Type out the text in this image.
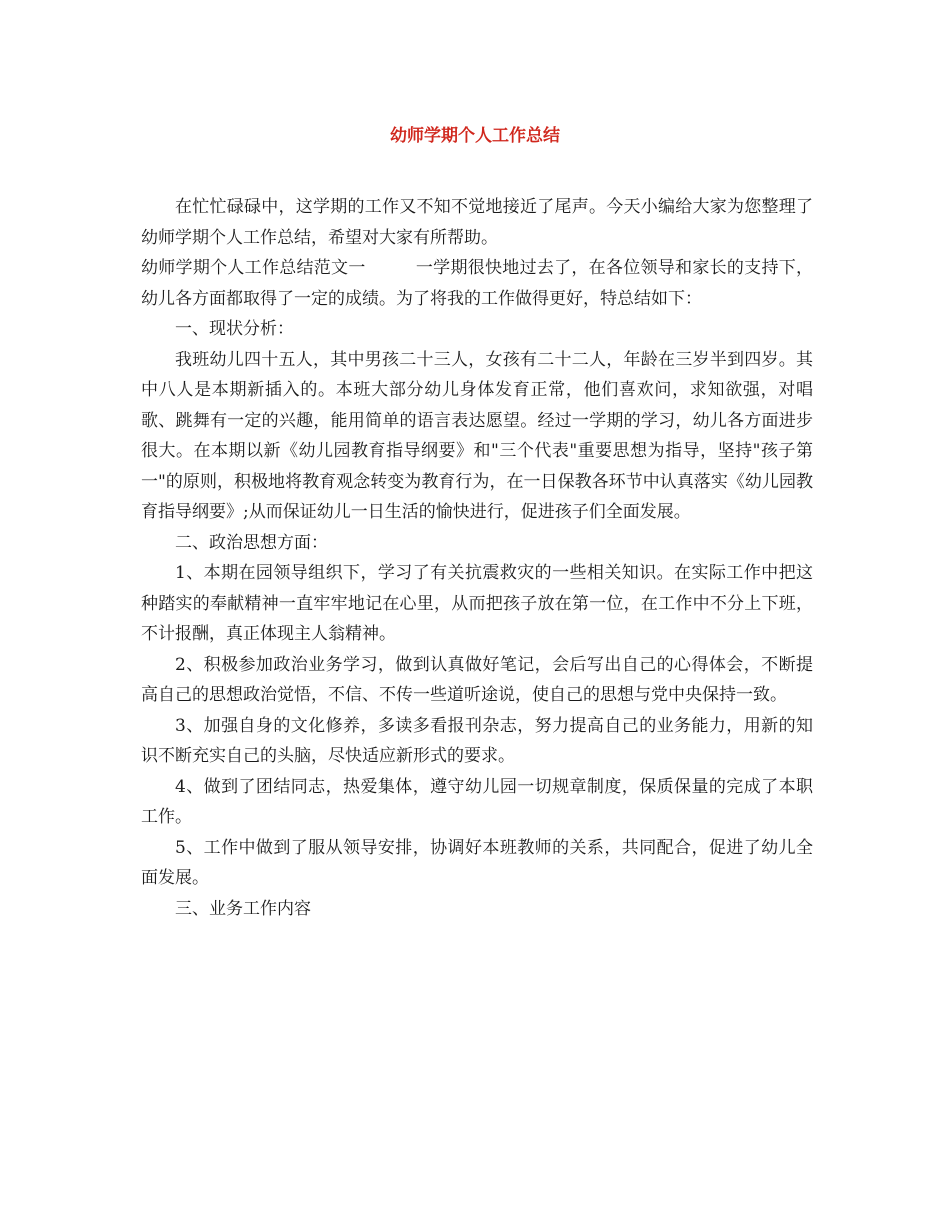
幼师学期个人工作总结

在忙忙碌碌中，这学期的工作又不知不觉地接近了尾声。今天小编给大家为您整理了幼师学期个人工作总结，希望对大家有所帮助。

幼师学期个人工作总结范文一	一学期很快地过去了，在各位领导和家长的支持下，幼儿各方面都取得了一定的成绩。为了将我的工作做得更好，特总结如下：

一、现状分析：

我班幼儿四十五人，其中男孩二十三人，女孩有二十二人，年龄在三岁半到四岁。其中八人是本期新插入的。本班大部分幼儿身体发育正常，他们喜欢问，求知欲强，对唱歌、跳舞有一定的兴趣，能用简单的语言表达愿望。经过一学期的学习，幼儿各方面进步很大。在本期以新《幼儿园教育指导纲要》和"三个代表"重要思想为指导，坚持"孩子第一"的原则，积极地将教育观念转变为教育行为，在一日保教各环节中认真落实《幼儿园教育指导纲要》;从而保证幼儿一日生活的愉快进行，促进孩子们全面发展。

二、政治思想方面：

1、本期在园领导组织下，学习了有关抗震救灾的一些相关知识。在实际工作中把这种踏实的奉献精神一直牢牢地记在心里，从而把孩子放在第一位，在工作中不分上下班，不计报酬，真正体现主人翁精神。

2、积极参加政治业务学习，做到认真做好笔记，会后写出自己的心得体会，不断提高自己的思想政治觉悟，不信、不传一些道听途说，使自己的思想与党中央保持一致。

3、加强自身的文化修养，多读多看报刊杂志，努力提高自己的业务能力，用新的知识不断充实自己的头脑，尽快适应新形式的要求。

4、做到了团结同志，热爱集体，遵守幼儿园一切规章制度，保质保量的完成了本职工作。

5、工作中做到了服从领导安排，协调好本班教师的关系，共同配合，促进了幼儿全面发展。

三、业务工作内容
